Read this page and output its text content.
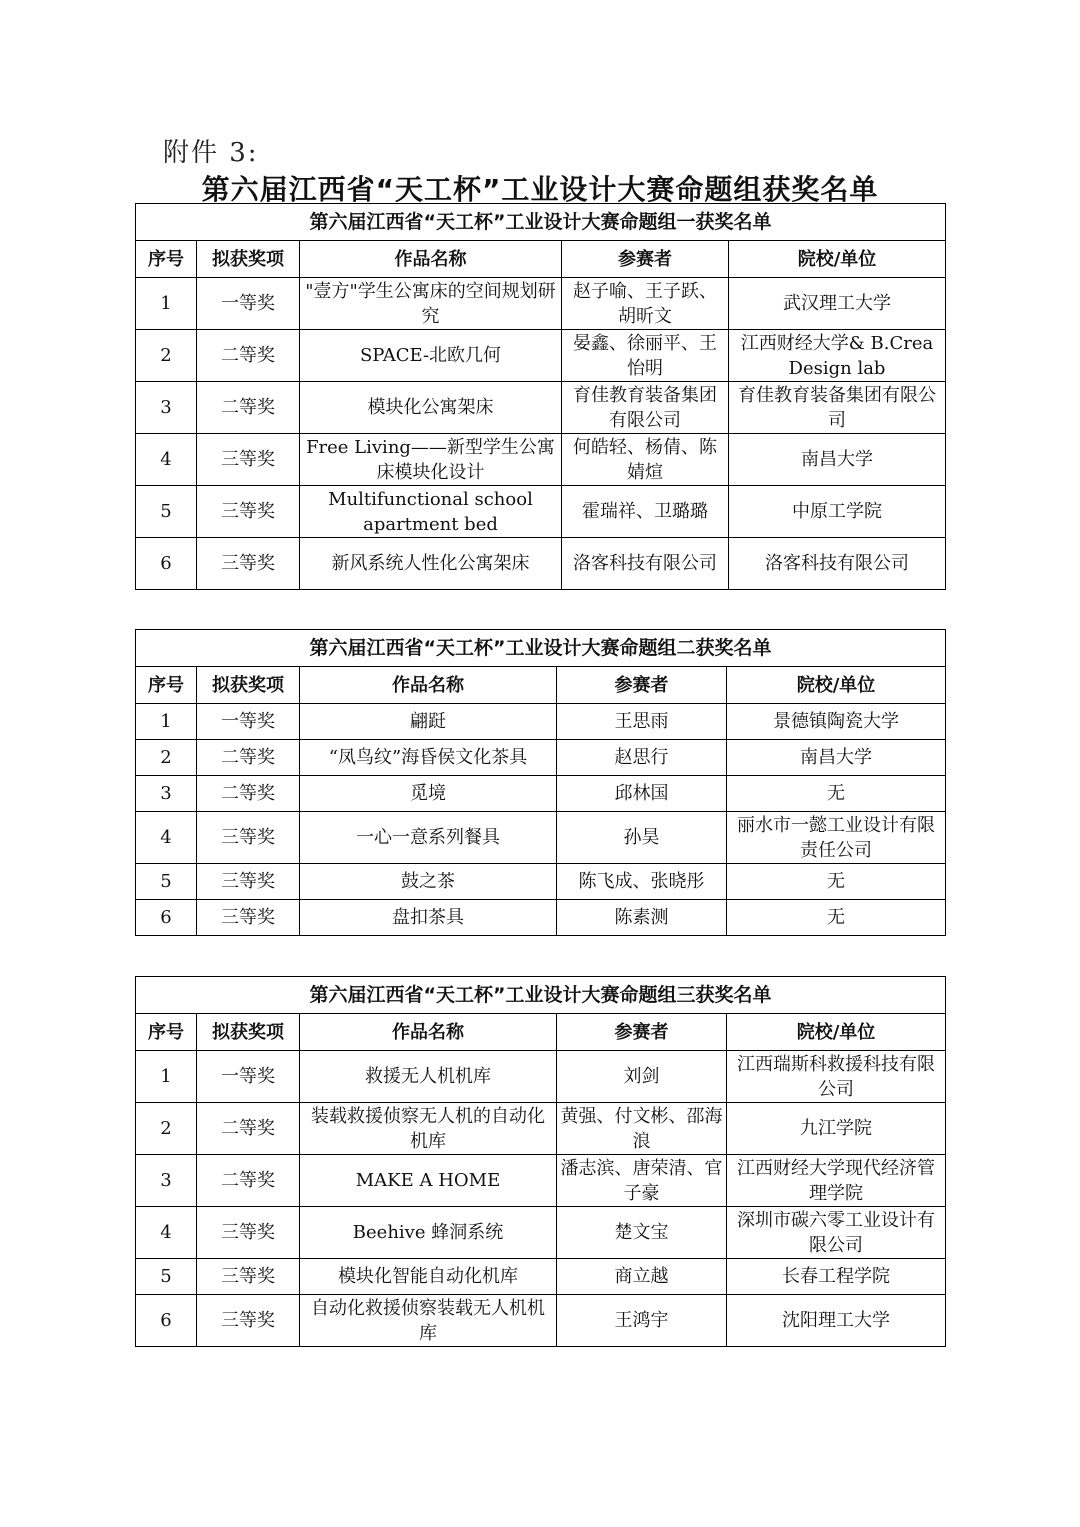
附件 3:
第六届江西省“天工杯”工业设计大赛命题组获奖名单
第六届江西省“天工杯”工业设计大赛命题组一获奖名单				
序号	拟获奖项	作品名称	参赛者	院校/单位
1	一等奖	"壹方"学生公寓床的空间规划研究	赵子喻、王子跃、胡昕文	武汉理工大学
2	二等奖	SPACE-北欧几何	晏鑫、徐丽平、王怡明	江西财经大学& B.Crea Design lab
3	二等奖	模块化公寓架床	育佳教育装备集团有限公司	育佳教育装备集团有限公司
4	三等奖	Free Living——新型学生公寓床模块化设计	何皓轻、杨倩、陈婧煊	南昌大学
5	三等奖	Multifunctional school apartment bed	霍瑞祥、卫璐璐	中原工学院
6	三等奖	新风系统人性化公寓架床	洛客科技有限公司	洛客科技有限公司
第六届江西省“天工杯”工业设计大赛命题组二获奖名单				
序号	拟获奖项	作品名称	参赛者	院校/单位
1	一等奖	翩跹	王思雨	景德镇陶瓷大学
2	二等奖	“凤鸟纹”海昏侯文化茶具	赵思行	南昌大学
3	二等奖	觅境	邱林国	无
4	三等奖	一心一意系列餐具	孙昊	丽水市一懿工业设计有限责任公司
5	三等奖	鼓之茶	陈飞成、张晓彤	无
6	三等奖	盘扣茶具	陈素测	无
第六届江西省“天工杯”工业设计大赛命题组三获奖名单				
序号	拟获奖项	作品名称	参赛者	院校/单位
1	一等奖	救援无人机机库	刘剑	江西瑞斯科救援科技有限公司
2	二等奖	装载救援侦察无人机的自动化机库	黄强、付文彬、邵海浪	九江学院
3	二等奖	MAKE A HOME	潘志滨、唐荣清、官子豪	江西财经大学现代经济管理学院
4	三等奖	Beehive 蜂洞系统	楚文宝	深圳市碳六零工业设计有限公司
5	三等奖	模块化智能自动化机库	商立越	长春工程学院
6	三等奖	自动化救援侦察装载无人机机库	王鸿宇	沈阳理工大学
